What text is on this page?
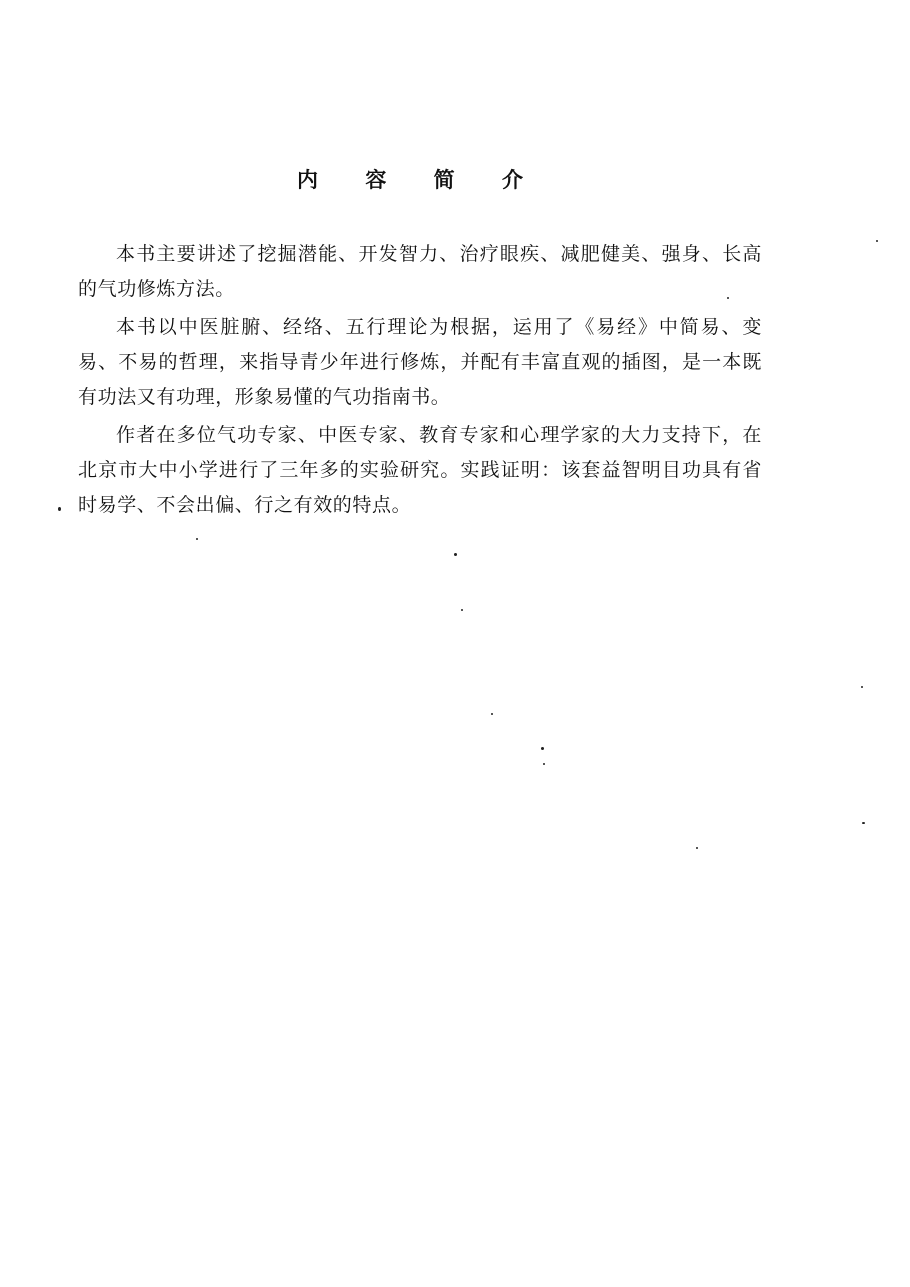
内 容 简 介

本书主要讲述了挖掘潜能、开发智力、治疗眼疾、减肥健美、强身、长高的气功修炼方法。

本书以中医脏腑、经络、五行理论为根据，运用了《易经》中简易、变易、不易的哲理，来指导青少年进行修炼，并配有丰富直观的插图，是一本既有功法又有功理，形象易懂的气功指南书。

作者在多位气功专家、中医专家、教育专家和心理学家的大力支持下，在北京市大中小学进行了三年多的实验研究。实践证明：该套益智明目功具有省时易学、不会出偏、行之有效的特点。
